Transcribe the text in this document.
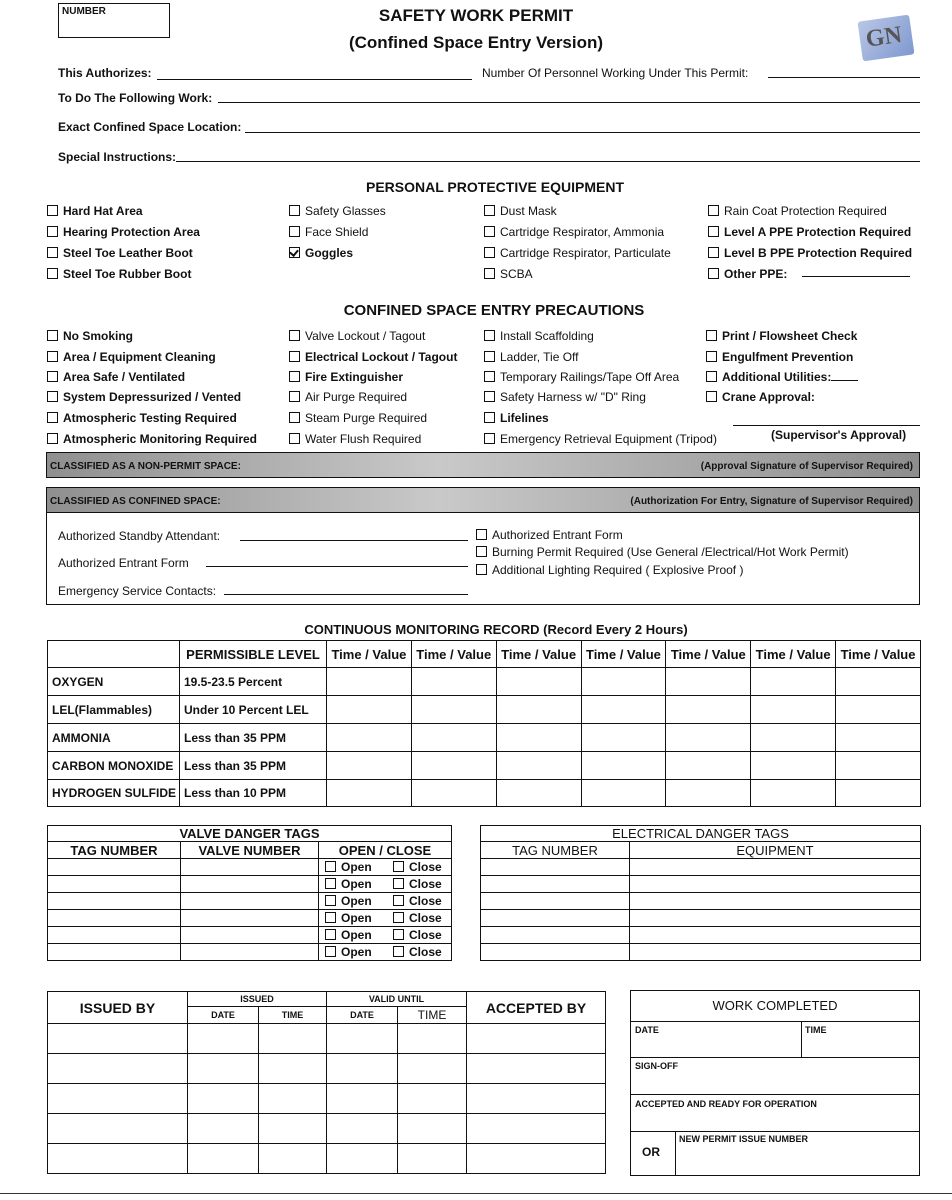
NUMBER	SAFETY WORK PERMIT
(Confined Space Entry Version)	GN
This Authorizes:	Number Of Personnel Working Under This Permit:
To Do The Following Work:
Exact Confined Space Location:
Special Instructions:
PERSONAL PROTECTIVE EQUIPMENT
Hard Hat Area
Hearing Protection Area
Steel Toe Leather Boot
Steel Toe Rubber Boot
Safety Glasses
Face Shield
Goggles
Dust Mask
Cartridge Respirator, Ammonia
Cartridge Respirator, Particulate
SCBA
Rain Coat Protection Required
Level A PPE Protection Required
Level B PPE Protection Required
Other PPE:
CONFINED SPACE ENTRY PRECAUTIONS
No Smoking
Area / Equipment Cleaning
Area Safe / Ventilated
System Depressurized / Vented
Atmospheric Testing Required
Atmospheric Monitoring Required
Valve Lockout / Tagout
Electrical Lockout / Tagout
Fire Extinguisher
Air Purge Required
Steam Purge Required
Water Flush Required
Install Scaffolding
Ladder, Tie Off
Temporary Railings/Tape Off Area
Safety Harness w/ "D" Ring
Lifelines
Emergency Retrieval Equipment (Tripod)
Print / Flowsheet Check
Engulfment Prevention
Additional Utilities:
Crane Approval:
(Supervisor's Approval)
CLASSIFIED AS A NON-PERMIT SPACE:	(Approval Signature of Supervisor Required)
CLASSIFIED AS CONFINED SPACE:	(Authorization For Entry, Signature of Supervisor Required)
Authorized Standby Attendant:
Authorized Entrant Form
Emergency Service Contacts:
Authorized Entrant Form
Burning Permit Required (Use General /Electrical/Hot Work Permit)
Additional Lighting Required ( Explosive Proof )
CONTINUOUS MONITORING RECORD (Record Every 2 Hours)
	PERMISSIBLE LEVEL	Time / Value	Time / Value	Time / Value	Time / Value	Time / Value	Time / Value	Time / Value
OXYGEN	19.5-23.5 Percent							
LEL(Flammables)	Under 10 Percent LEL							
AMMONIA	Less than 35 PPM							
CARBON MONOXIDE	Less than 35 PPM							
HYDROGEN SULFIDE	Less than 10 PPM							
VALVE DANGER TAGS		
TAG NUMBER	VALVE NUMBER	OPEN / CLOSE
		Open Close
		Open Close
		Open Close
		Open Close
		Open Close
		Open Close
ELECTRICAL DANGER TAGS	
TAG NUMBER	EQUIPMENT

ISSUED BY	ISSUED		VALID UNTIL		ACCEPTED BY
	DATE	TIME	DATE	TIME	

WORK COMPLETED
DATE	TIME
SIGN-OFF
ACCEPTED AND READY FOR OPERATION
OR
NEW PERMIT ISSUE NUMBER
